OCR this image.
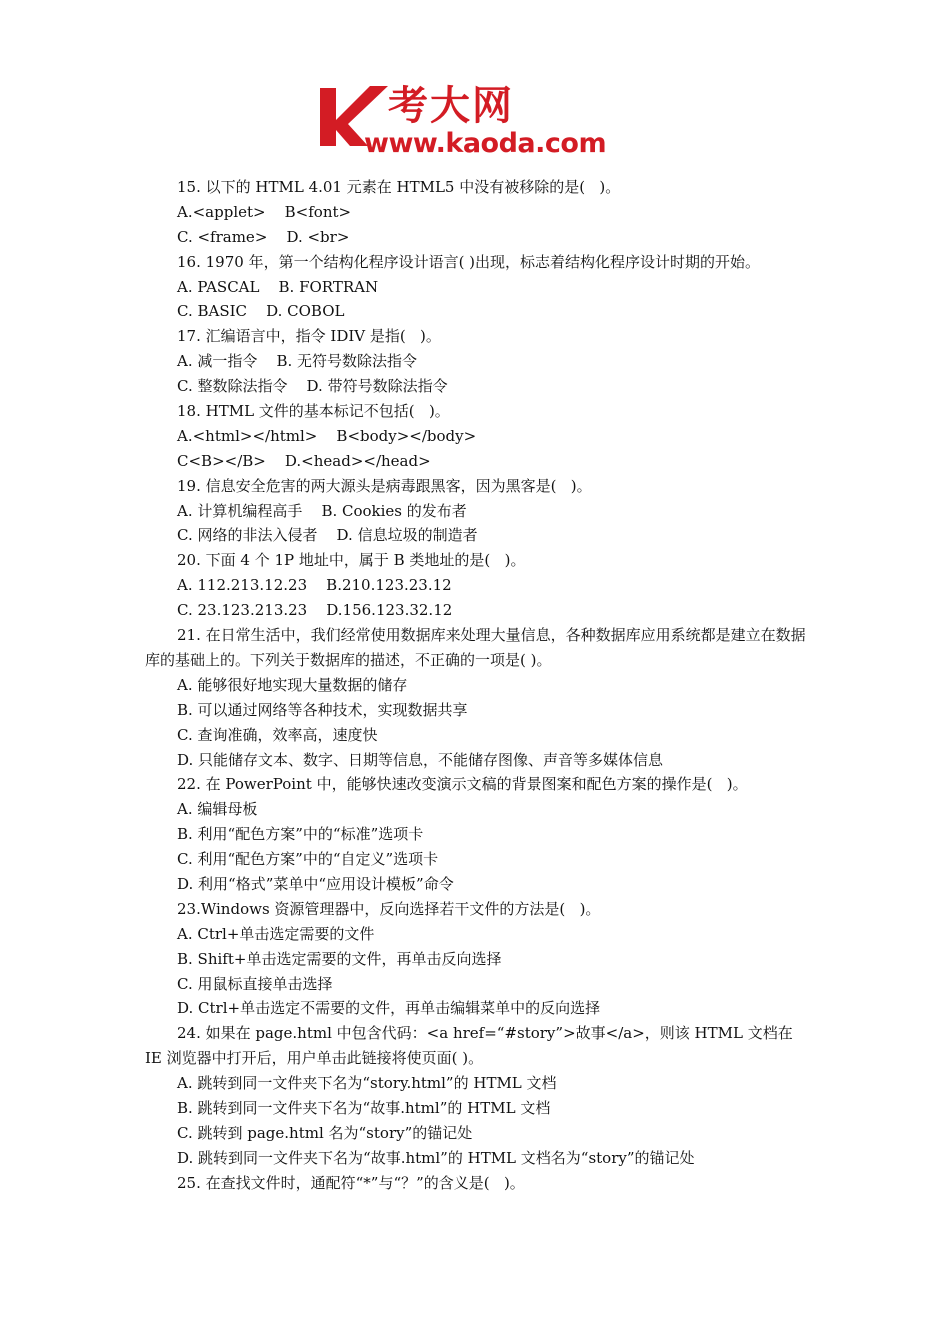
考大网
www.kaoda.com
15. 以下的 HTML 4.01 元素在 HTML5 中没有被移除的是(   )。
A.<applet>    B<font>
C. <frame>    D. <br>
16. 1970 年，第一个结构化程序设计语言( )出现，标志着结构化程序设计时期的开始。
A. PASCAL    B. FORTRAN
C. BASIC    D. COBOL
17. 汇编语言中，指令 IDIV 是指(   )。
A. 减一指令    B. 无符号数除法指令
C. 整数除法指令    D. 带符号数除法指令
18. HTML 文件的基本标记不包括(   )。
A.<html></html>    B<body></body>
C<B></B>    D.<head></head>
19. 信息安全危害的两大源头是病毒跟黑客，因为黑客是(   )。
A. 计算机编程高手    B. Cookies 的发布者
C. 网络的非法入侵者    D. 信息垃圾的制造者
20. 下面 4 个 1P 地址中，属于 B 类地址的是(   )。
A. 112.213.12.23    B.210.123.23.12
C. 23.123.213.23    D.156.123.32.12
21. 在日常生活中，我们经常使用数据库来处理大量信息，各种数据库应用系统都是建立在数据库的基础上的。下列关于数据库的描述，不正确的一项是( )。
A. 能够很好地实现大量数据的储存
B. 可以通过网络等各种技术，实现数据共享
C. 查询准确，效率高，速度快
D. 只能储存文本、数字、日期等信息，不能储存图像、声音等多媒体信息
22. 在 PowerPoint 中，能够快速改变演示文稿的背景图案和配色方案的操作是(   )。
A. 编辑母板
B. 利用“配色方案”中的“标准”选项卡
C. 利用“配色方案”中的“自定义”选项卡
D. 利用“格式”菜单中“应用设计模板”命令
23.Windows 资源管理器中，反向选择若干文件的方法是(   )。
A. Ctrl+单击选定需要的文件
B. Shift+单击选定需要的文件，再单击反向选择
C. 用鼠标直接单击选择
D. Ctrl+单击选定不需要的文件，再单击编辑菜单中的反向选择
24. 如果在 page.html 中包含代码：<a href=“#story”>故事</a>，则该 HTML 文档在 IE 浏览器中打开后，用户单击此链接将使页面( )。
A. 跳转到同一文件夹下名为“story.html”的 HTML 文档
B. 跳转到同一文件夹下名为“故事.html”的 HTML 文档
C. 跳转到 page.html 名为“story”的锚记处
D. 跳转到同一文件夹下名为“故事.html”的 HTML 文档名为“story”的锚记处
25. 在查找文件时，通配符“*”与“？”的含义是(   )。
